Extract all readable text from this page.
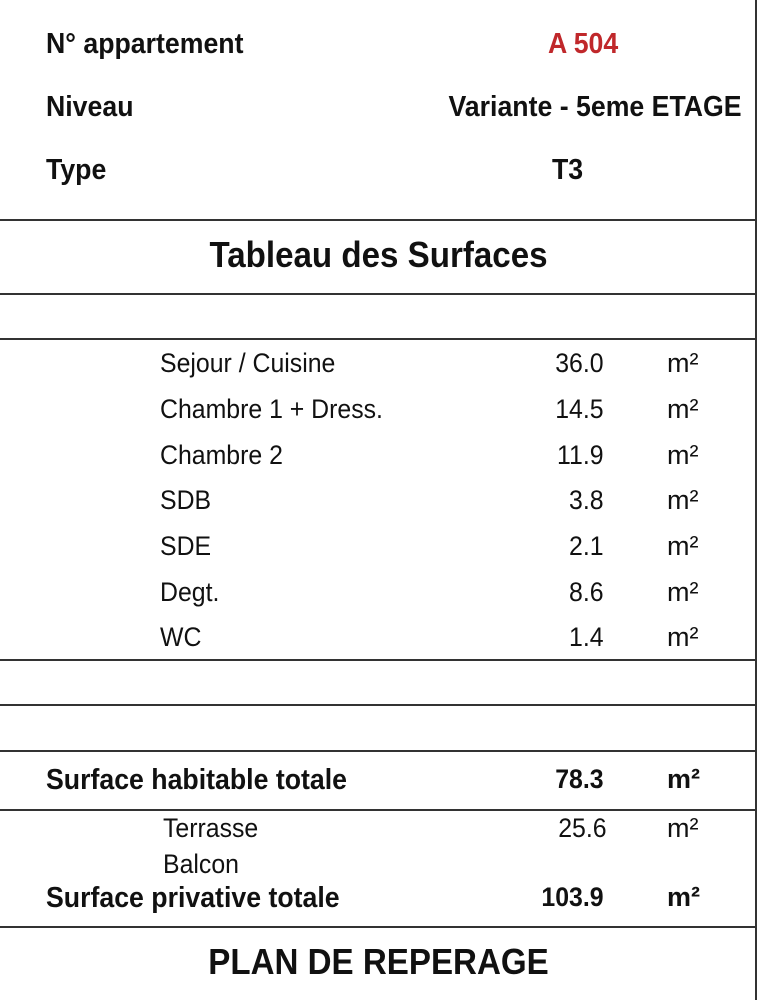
N° appartement	A 504
Niveau	Variante - 5eme ETAGE
Type	T3
Tableau des Surfaces
Sejour / Cuisine	36.0 m²
Chambre 1 + Dress.	14.5 m²
Chambre 2	11.9 m²
SDB	3.8 m²
SDE	2.1 m²
Degt.	8.6 m²
WC	1.4 m²
Surface habitable totale	78.3 m²
Terrasse	25.6 m²
Balcon
Surface privative totale	103.9 m²
PLAN DE REPERAGE
